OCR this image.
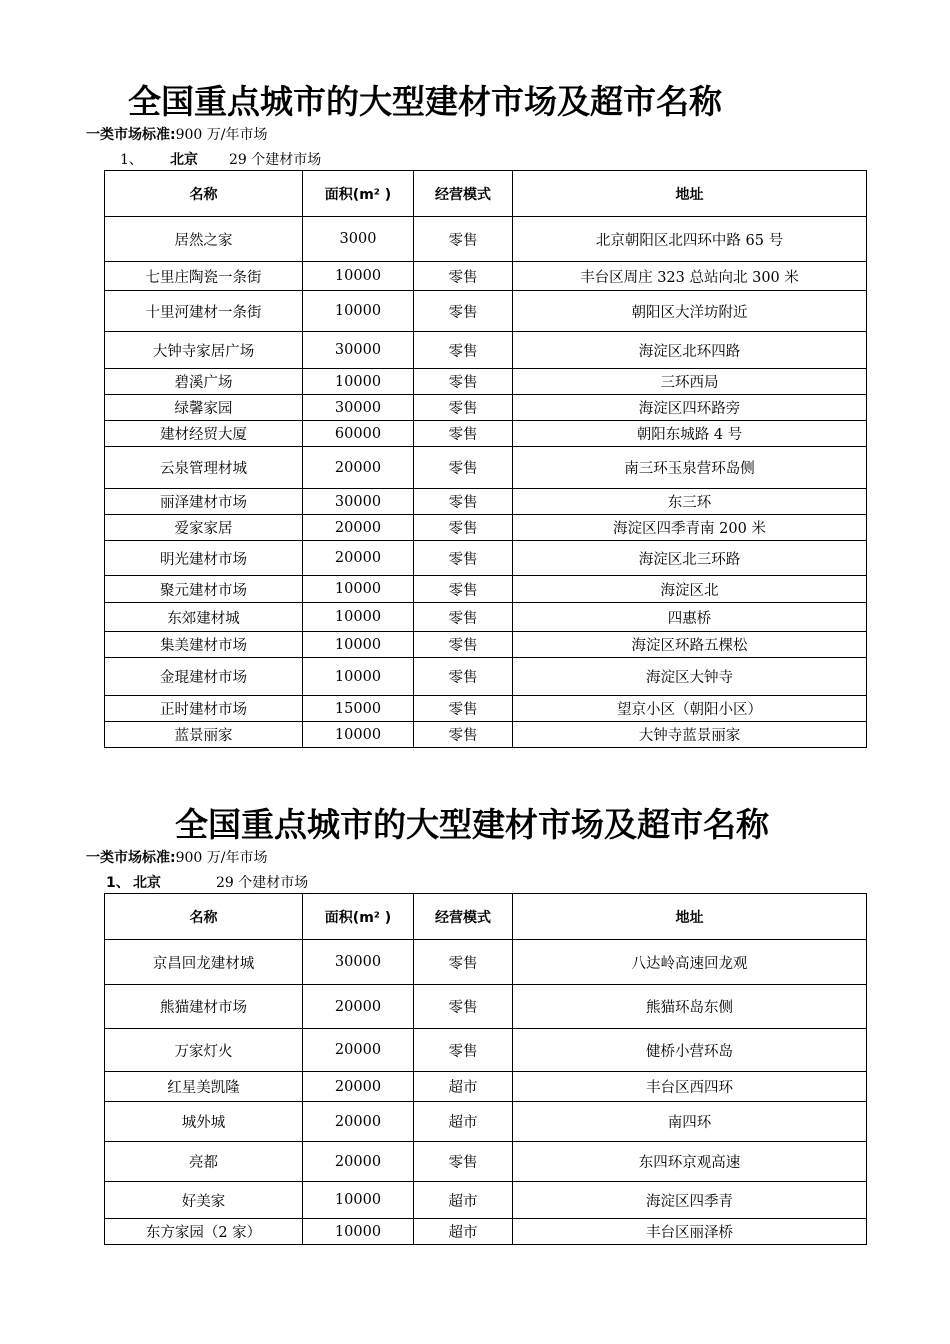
全国重点城市的大型建材市场及超市名称
一类市场标准:900 万/年市场
1、 北京 29 个建材市场
名称	面积(m² )	经营模式	地址
居然之家	3000	零售	北京朝阳区北四环中路 65 号
七里庄陶瓷一条街	10000	零售	丰台区周庄 323 总站向北 300 米
十里河建材一条街	10000	零售	朝阳区大洋坊附近
大钟寺家居广场	30000	零售	海淀区北环四路
碧溪广场	10000	零售	三环西局
绿馨家园	30000	零售	海淀区四环路旁
建材经贸大厦	60000	零售	朝阳东城路 4 号
云泉管理材城	20000	零售	南三环玉泉营环岛侧
丽泽建材市场	30000	零售	东三环
爱家家居	20000	零售	海淀区四季青南 200 米
明光建材市场	20000	零售	海淀区北三环路
聚元建材市场	10000	零售	海淀区北
东郊建材城	10000	零售	四惠桥
集美建材市场	10000	零售	海淀区环路五棵松
金琨建材市场	10000	零售	海淀区大钟寺
正时建材市场	15000	零售	望京小区（朝阳小区）
蓝景丽家	10000	零售	大钟寺蓝景丽家
全国重点城市的大型建材市场及超市名称
一类市场标准:900 万/年市场
1、 北京	29 个建材市场
名称	面积(m² )	经营模式	地址
京昌回龙建材城	30000	零售	八达岭高速回龙观
熊猫建材市场	20000	零售	熊猫环岛东侧
万家灯火	20000	零售	健桥小营环岛
红星美凯隆	20000	超市	丰台区西四环
城外城	20000	超市	南四环
亮都	20000	零售	东四环京观高速
好美家	10000	超市	海淀区四季青
东方家园（2 家）	10000	超市	丰台区丽泽桥
